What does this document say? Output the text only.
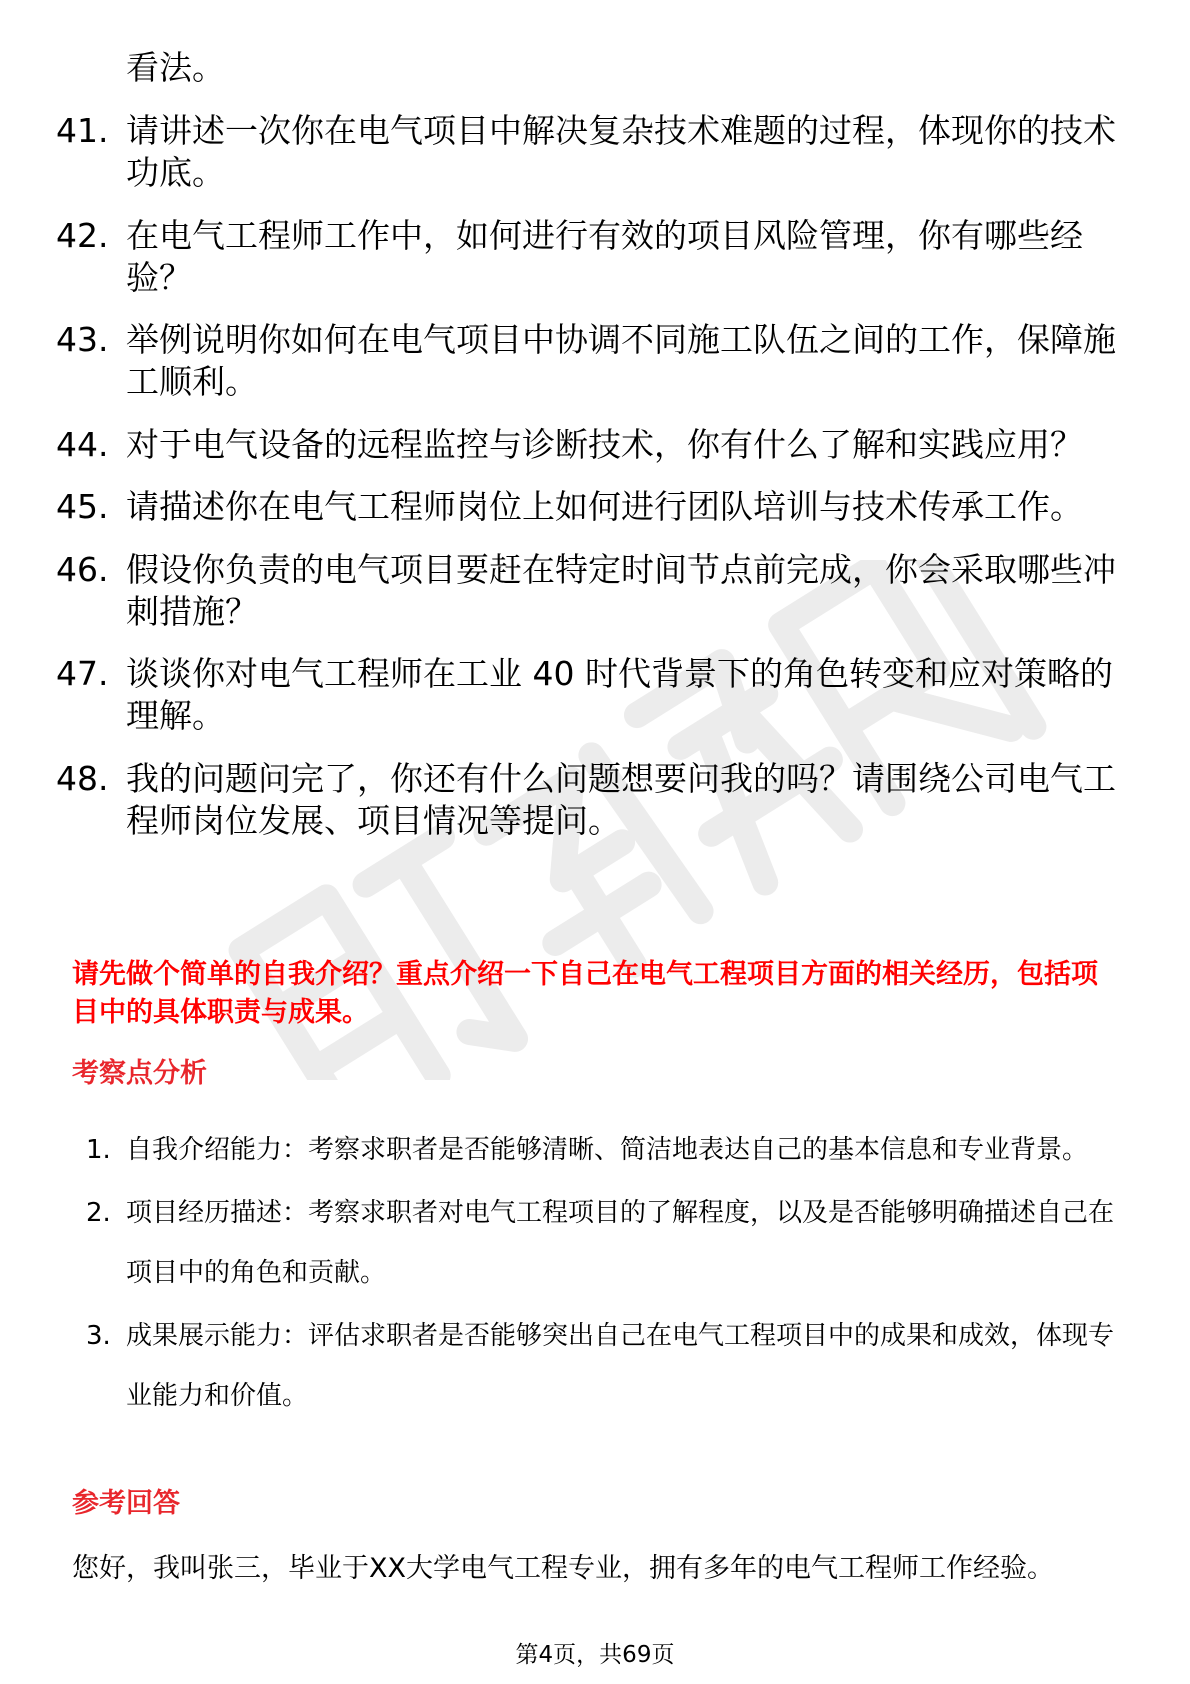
看法。

41. 请讲述一次你在电气项目中解决复杂技术难题的过程，体现你的技术功底。
42. 在电气工程师工作中，如何进行有效的项目风险管理，你有哪些经验？
43. 举例说明你如何在电气项目中协调不同施工队伍之间的工作，保障施工顺利。
44. 对于电气设备的远程监控与诊断技术，你有什么了解和实践应用？
45. 请描述你在电气工程师岗位上如何进行团队培训与技术传承工作。
46. 假设你负责的电气项目要赶在特定时间节点前完成，你会采取哪些冲刺措施？
47. 谈谈你对电气工程师在工业 40 时代背景下的角色转变和应对策略的理解。
48. 我的问题问完了，你还有什么问题想要问我的吗？请围绕公司电气工程师岗位发展、项目情况等提问。

请先做个简单的自我介绍？重点介绍一下自己在电气工程项目方面的相关经历，包括项目中的具体职责与成果。

考察点分析
1. 自我介绍能力：考察求职者是否能够清晰、简洁地表达自己的基本信息和专业背景。
2. 项目经历描述：考察求职者对电气工程项目的了解程度，以及是否能够明确描述自己在项目中的角色和贡献。
3. 成果展示能力：评估求职者是否能够突出自己在电气工程项目中的成果和成效，体现专业能力和价值。
参考回答

您好，我叫张三，毕业于XX大学电气工程专业，拥有多年的电气工程师工作经验。

第4页，共69页
